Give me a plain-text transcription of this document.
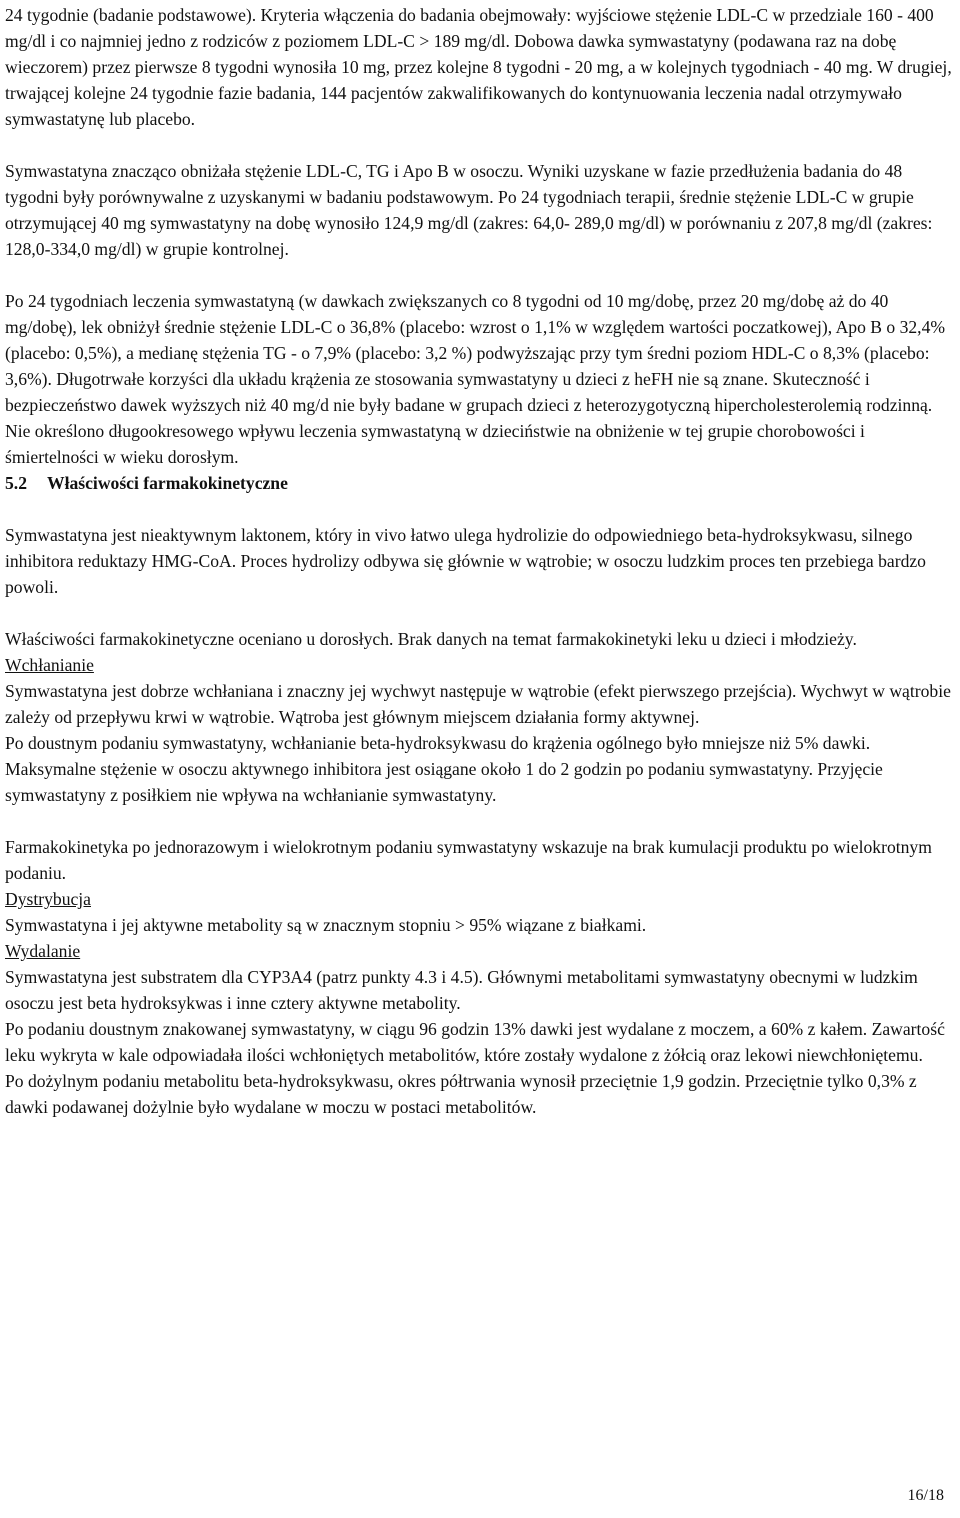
24 tygodnie (badanie podstawowe). Kryteria włączenia do badania obejmowały: wyjściowe stężenie LDL-C w przedziale 160 - 400 mg/dl i co najmniej jedno z rodziców z poziomem LDL-C > 189 mg/dl. Dobowa dawka symwastatyny (podawana raz na dobę wieczorem) przez pierwsze 8 tygodni wynosiła 10 mg, przez kolejne 8 tygodni - 20 mg, a w kolejnych tygodniach - 40 mg. W drugiej, trwającej kolejne 24 tygodnie fazie badania, 144 pacjentów zakwalifikowanych do kontynuowania leczenia nadal otrzymywało symwastatynę lub placebo.

Symwastatyna znacząco obniżała stężenie LDL-C, TG i Apo B w osoczu. Wyniki uzyskane w fazie przedłużenia badania do 48 tygodni były porównywalne z uzyskanymi w badaniu podstawowym. Po 24 tygodniach terapii, średnie stężenie LDL-C w grupie otrzymującej 40 mg symwastatyny na dobę wynosiło 124,9 mg/dl (zakres: 64,0- 289,0 mg/dl) w porównaniu z 207,8 mg/dl (zakres: 128,0-334,0 mg/dl) w grupie kontrolnej.

Po 24 tygodniach leczenia symwastatyną (w dawkach zwiększanych co 8 tygodni od 10 mg/dobę, przez 20 mg/dobę aż do 40 mg/dobę), lek obniżył średnie stężenie LDL-C o 36,8% (placebo: wzrost o 1,1% w względem wartości poczatkowej), Apo B o 32,4% (placebo: 0,5%), a medianę stężenia TG - o 7,9% (placebo: 3,2 %) podwyższając przy tym średni poziom HDL-C o 8,3% (placebo: 3,6%). Długotrwałe korzyści dla układu krążenia ze stosowania symwastatyny u dzieci z heFH nie są znane. Skuteczność i bezpieczeństwo dawek wyższych niż 40 mg/d nie były badane w grupach dzieci z heterozygotyczną hipercholesterolemią rodzinną. Nie określono długookresowego wpływu leczenia symwastatyną w dzieciństwie na obniżenie w tej grupie chorobowości i śmiertelności w wieku dorosłym.

5.2 Właściwości farmakokinetyczne

Symwastatyna jest nieaktywnym laktonem, który in vivo łatwo ulega hydrolizie do odpowiedniego beta-hydroksykwasu, silnego inhibitora reduktazy HMG-CoA. Proces hydrolizy odbywa się głównie w wątrobie; w osoczu ludzkim proces ten przebiega bardzo powoli.

Właściwości farmakokinetyczne oceniano u dorosłych. Brak danych na temat farmakokinetyki leku u dzieci i młodzieży.

Wchłanianie

Symwastatyna jest dobrze wchłaniana i znaczny jej wychwyt następuje w wątrobie (efekt pierwszego przejścia). Wychwyt w wątrobie zależy od przepływu krwi w wątrobie. Wątroba jest głównym miejscem działania formy aktywnej.

Po doustnym podaniu symwastatyny, wchłanianie beta-hydroksykwasu do krążenia ogólnego było mniejsze niż 5% dawki. Maksymalne stężenie w osoczu aktywnego inhibitora jest osiągane około 1 do 2 godzin po podaniu symwastatyny. Przyjęcie symwastatyny z posiłkiem nie wpływa na wchłanianie symwastatyny.

Farmakokinetyka po jednorazowym i wielokrotnym podaniu symwastatyny wskazuje na brak kumulacji produktu po wielokrotnym podaniu.

Dystrybucja

Symwastatyna i jej aktywne metabolity są w znacznym stopniu > 95% wiązane z białkami.

Wydalanie

Symwastatyna jest substratem dla CYP3A4 (patrz punkty 4.3 i 4.5). Głównymi metabolitami symwastatyny obecnymi w ludzkim osoczu jest beta hydroksykwas i inne cztery aktywne metabolity.

Po podaniu doustnym znakowanej symwastatyny, w ciągu 96 godzin 13% dawki jest wydalane z moczem, a 60% z kałem. Zawartość leku wykryta w kale odpowiadała ilości wchłoniętych metabolitów, które zostały wydalone z żółcią oraz lekowi niewchłoniętemu.

Po dożylnym podaniu metabolitu beta-hydroksykwasu, okres półtrwania wynosił przeciętnie 1,9 godzin. Przeciętnie tylko 0,3% z dawki podawanej dożylnie było wydalane w moczu w postaci metabolitów.

16/18
